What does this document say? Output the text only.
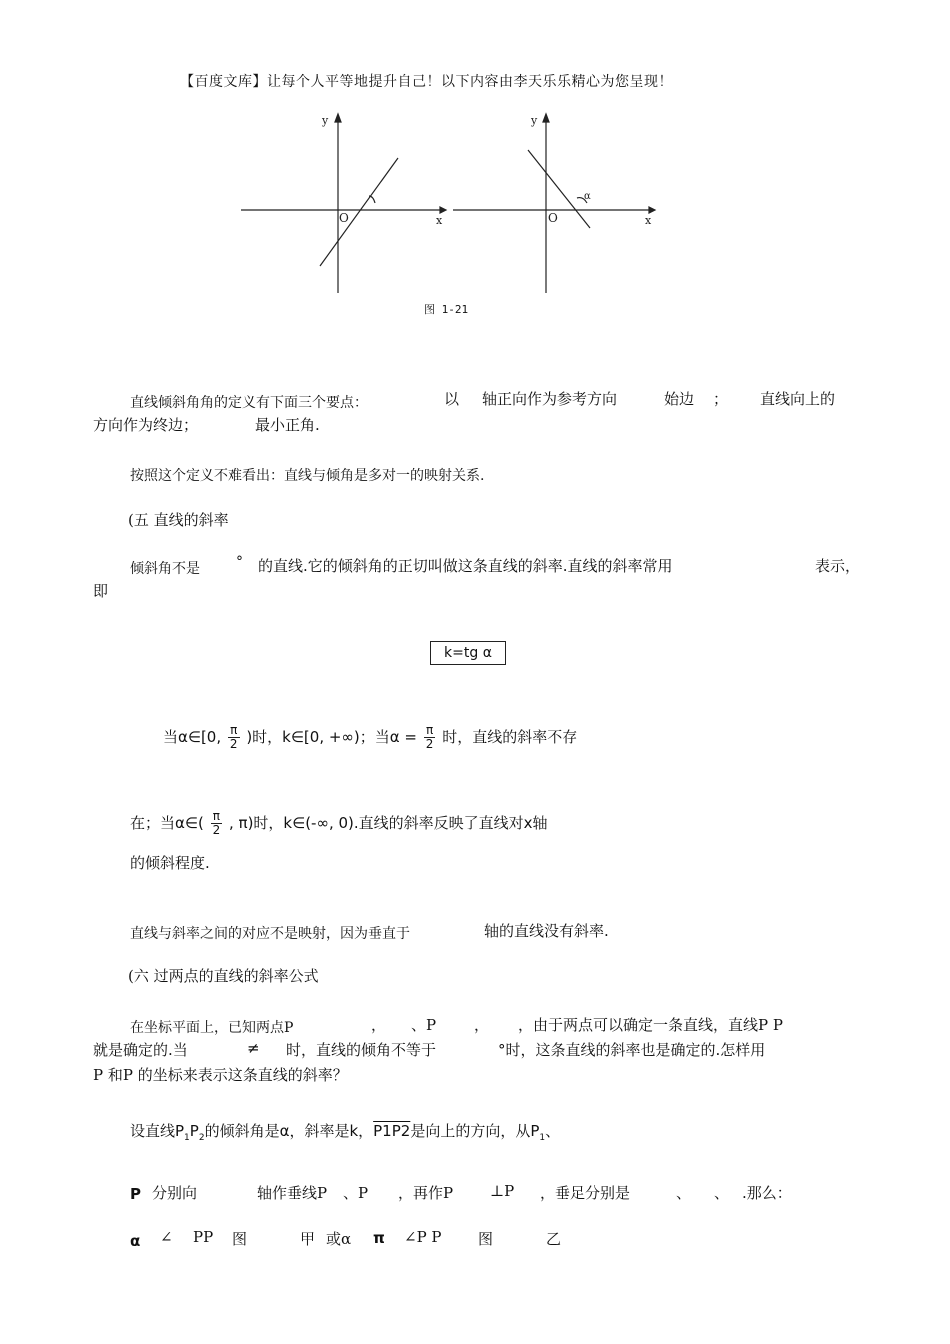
【百度文库】让每个人平等地提升自己！以下内容由李天乐乐精心为您呈现！
y
x
O
y
x
O
α
图 1-21
直线倾斜角角的定义有下面三个要点：	以 轴正向作为参考方向	始边 ； 直线向上的
方向作为终边；	最小正角.
按照这个定义不难看出：直线与倾角是多对一的映射关系.
(五 直线的斜率
倾斜角不是	° 的直线.它的倾斜角的正切叫做这条直线的斜率.直线的斜率常用	表示，
即
k=tg α
当α∈[0, $\frac{\pi}{2}$ )时，k∈[0, +∞)；当$\alpha = \frac{\pi}{2}$ 时，直线的斜率不存
在；当α∈( $\frac{\pi}{2}$ , π)时，k∈(-∞, 0).直线的斜率反映了直线对x轴
的倾斜程度.
直线与斜率之间的对应不是映射，因为垂直于	轴的直线没有斜率.
(六 过两点的直线的斜率公式
在坐标平面上，已知两点P	， 、P	， ，由于两点可以确定一条直线，直线P P
就是确定的.当	≠ 时，直线的倾角不等于	°时，这条直线的斜率也是确定的.怎样用
P 和P 的坐标来表示这条直线的斜率？
设直线$P_1P_2$的倾斜角是α，斜率是k，P1P2是向上的方向，从$P_1$、
P 分别向	轴作垂线P 、P ，再作P ⊥P ，垂足分别是	、 、 .那么：
α ∠ PP 图	甲 或α π ∠P P 图	乙
